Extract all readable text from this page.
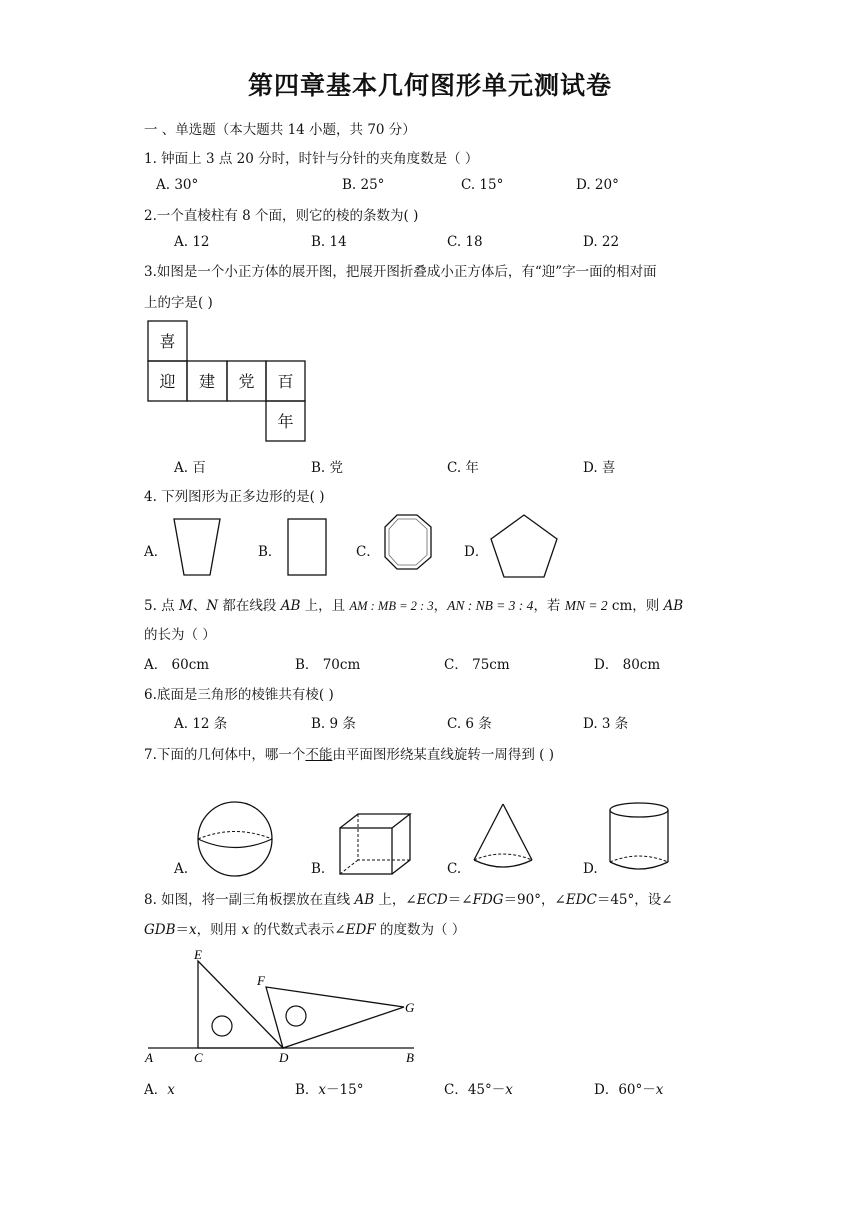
第四章基本几何图形单元测试卷
一 、单选题（本大题共 14 小题，共 70 分）
1. 钟面上 3 点 20 分时，时针与分针的夹角度数是（ ）
A. 30°	B. 25°	C. 15°	D. 20°
2.一个直棱柱有 8 个面，则它的棱的条数为( )
A. 12	B. 14	C. 18	D. 22
3.如图是一个小正方体的展开图，把展开图折叠成小正方体后，有“迎”字一面的相对面
上的字是( )
喜
迎 建 党 百
年
A. 百	B. 党	C. 年	D. 喜
4. 下列图形为正多边形的是( )
A．	B．	C．	D．
5. 点 M、N 都在线段 AB 上，且 AM : MB = 2 : 3，AN : NB = 3 : 4，若 MN = 2 cm，则 AB
的长为（ ）
A． 60cm	B． 70cm	C． 75cm	D． 80cm
6.底面是三角形的棱锥共有棱( )
A. 12 条	B. 9 条	C. 6 条	D. 3 条
7.下面的几何体中，哪一个不能由平面图形绕某直线旋转一周得到 ( )
A.	B.	C.	D.
8. 如图，将一副三角板摆放在直线 AB 上，∠ECD＝∠FDG＝90°，∠EDC＝45°，设∠
GDB＝x，则用 x 的代数式表示∠EDF 的度数为（ ）
E
F
G
A	C	D	B
A．x	B．x－15°	C．45°－x	D．60°－x
